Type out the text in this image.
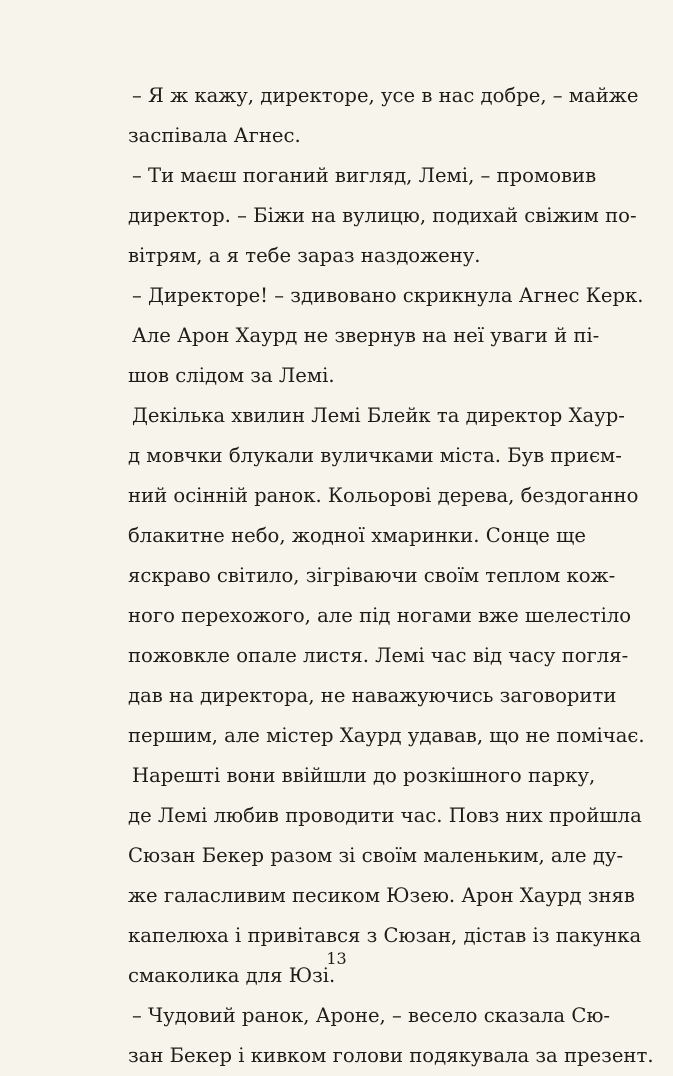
– Я ж кажу, директоре, усе в нас добре, – майже
заспівала Агнес.
– Ти маєш поганий вигляд, Лемі, – промовив
директор. – Біжи на вулицю, подихай свіжим по-
вітрям, а я тебе зараз наздожену.
– Директоре! – здивовано скрикнула Агнес Керк.
Але Арон Хаурд не звернув на неї уваги й пі-
шов слідом за Лемі.
Декілька хвилин Лемі Блейк та директор Хаур-
д мовчки блукали вуличками міста. Був приєм-
ний осінній ранок. Кольорові дерева, бездоганно
блакитне небо, жодної хмаринки. Сонце ще
яскраво світило, зігріваючи своїм теплом кож-
ного перехожого, але під ногами вже шелестіло
пожовкле опале листя. Лемі час від часу погля-
дав на директора, не наважуючись заговорити
першим, але містер Хаурд удавав, що не помічає.
Нарешті вони ввійшли до розкішного парку,
де Лемі любив проводити час. Повз них пройшла
Сюзан Бекер разом зі своїм маленьким, але ду-
же галасливим песиком Юзею. Арон Хаурд зняв
капелюха і привітався з Сюзан, дістав із пакунка
смаколика для Юзі.
– Чудовий ранок, Ароне, – весело сказала Сю-
зан Бекер і кивком голови подякувала за презент.
13
